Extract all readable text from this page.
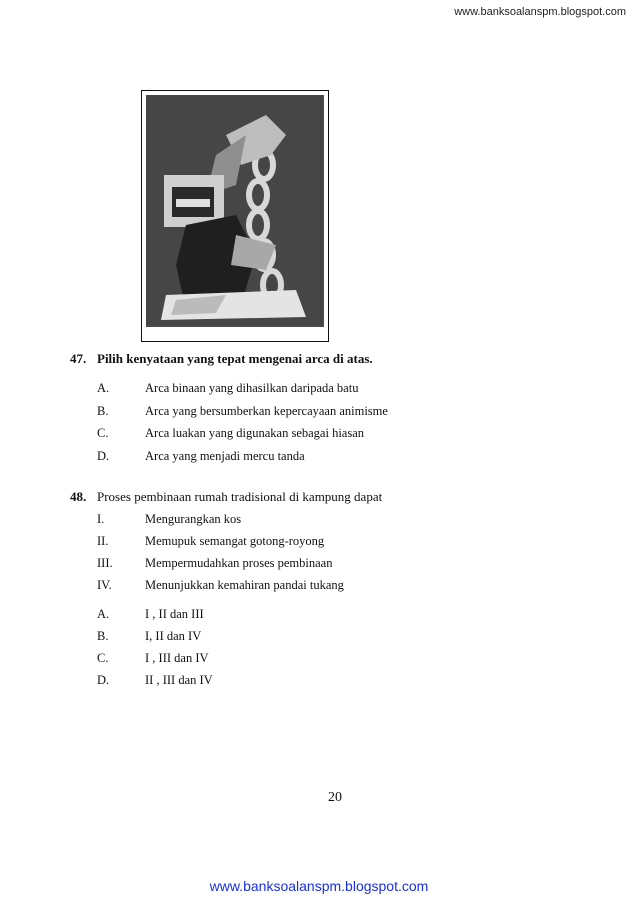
www.banksoalanspm.blogspot.com
47. Pilih kenyataan yang tepat mengenai arca di atas.
A.	Arca binaan yang dihasilkan daripada batu
B.	Arca yang bersumberkan kepercayaan animisme
C.	Arca luakan yang digunakan sebagai hiasan
D.	Arca yang menjadi mercu tanda
48. Proses pembinaan rumah tradisional di kampung dapat
I.	Mengurangkan kos
II.	Memupuk semangat gotong-royong
III.	Mempermudahkan proses pembinaan
IV.	Menunjukkan kemahiran pandai tukang
A.	I , II dan III
B.	I, II dan IV
C.	I , III dan IV
D.	II , III dan IV
20
www.banksoalanspm.blogspot.com
